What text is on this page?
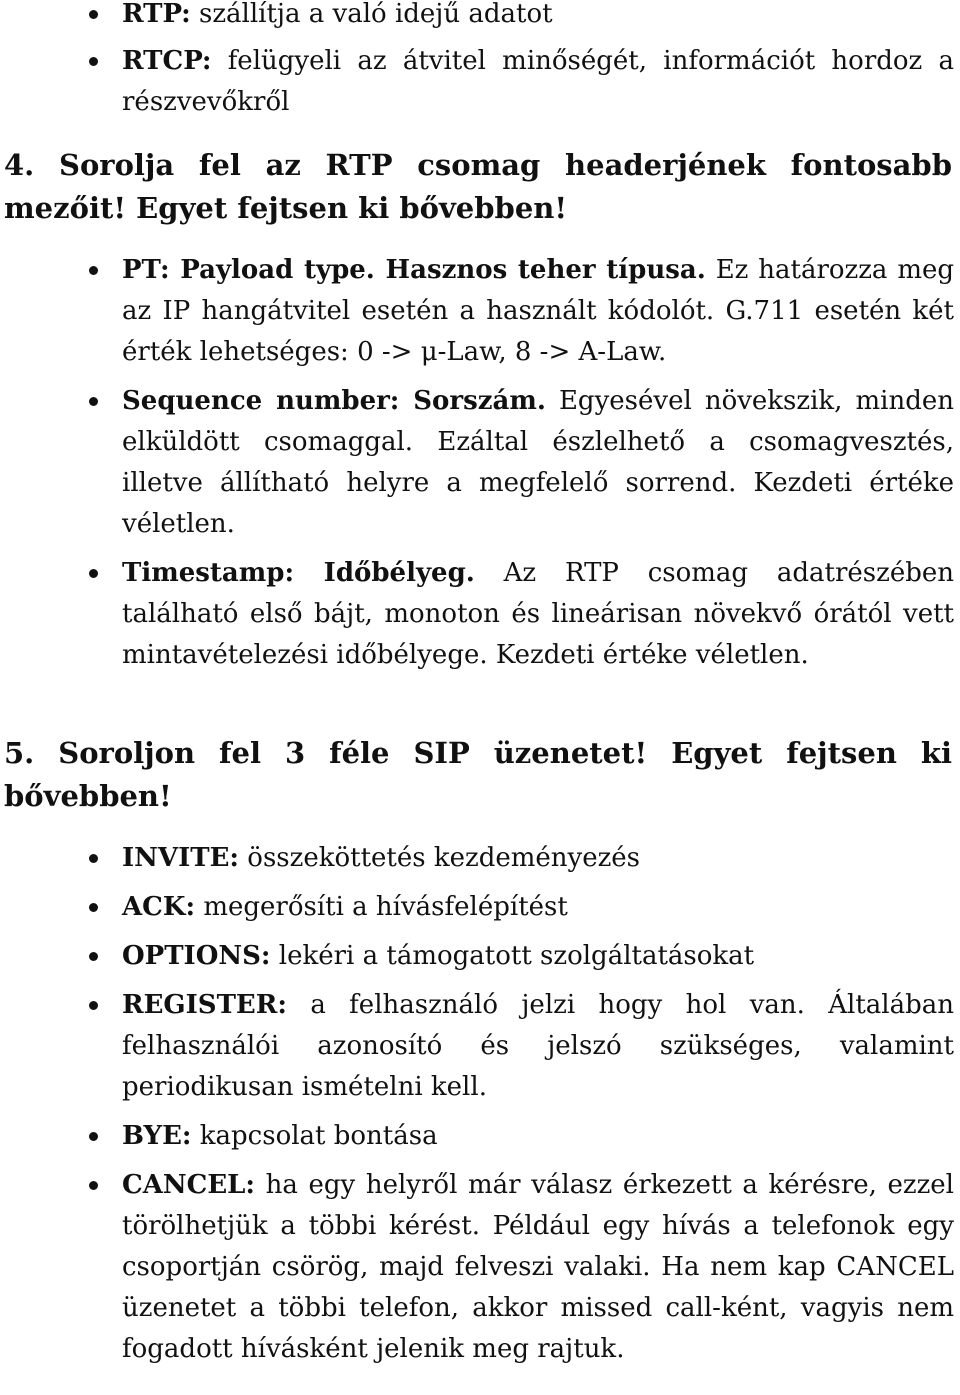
RTP: szállítja a való idejű adatot
RTCP: felügyeli az átvitel minőségét, információt hordoz a részvevőkről
4. Sorolja fel az RTP csomag headerjének fontosabb mezőit! Egyet fejtsen ki bővebben!
PT: Payload type. Hasznos teher típusa. Ez határozza meg az IP hangátvitel esetén a használt kódolót. G.711 esetén két érték lehetséges: 0 -> μ-Law, 8 -> A-Law.
Sequence number: Sorszám. Egyesével növekszik, minden elküldött csomaggal. Ezáltal észlelhető a csomagvesztés, illetve állítható helyre a megfelelő sorrend. Kezdeti értéke véletlen.
Timestamp: Időbélyeg. Az RTP csomag adatrészében található első bájt, monoton és lineárisan növekvő órától vett mintavételezési időbélyege. Kezdeti értéke véletlen.
5. Soroljon fel 3 féle SIP üzenetet! Egyet fejtsen ki bővebben!
INVITE: összeköttetés kezdeményezés
ACK: megerősíti a hívásfelépítést
OPTIONS: lekéri a támogatott szolgáltatásokat
REGISTER: a felhasználó jelzi hogy hol van. Általában felhasználói azonosító és jelszó szükséges, valamint periodikusan ismételni kell.
BYE: kapcsolat bontása
CANCEL: ha egy helyről már válasz érkezett a kérésre, ezzel törölhetjük a többi kérést. Például egy hívás a telefonok egy csoportján csörög, majd felveszi valaki. Ha nem kap CANCEL üzenetet a többi telefon, akkor missed call-ként, vagyis nem fogadott hívásként jelenik meg rajtuk.
